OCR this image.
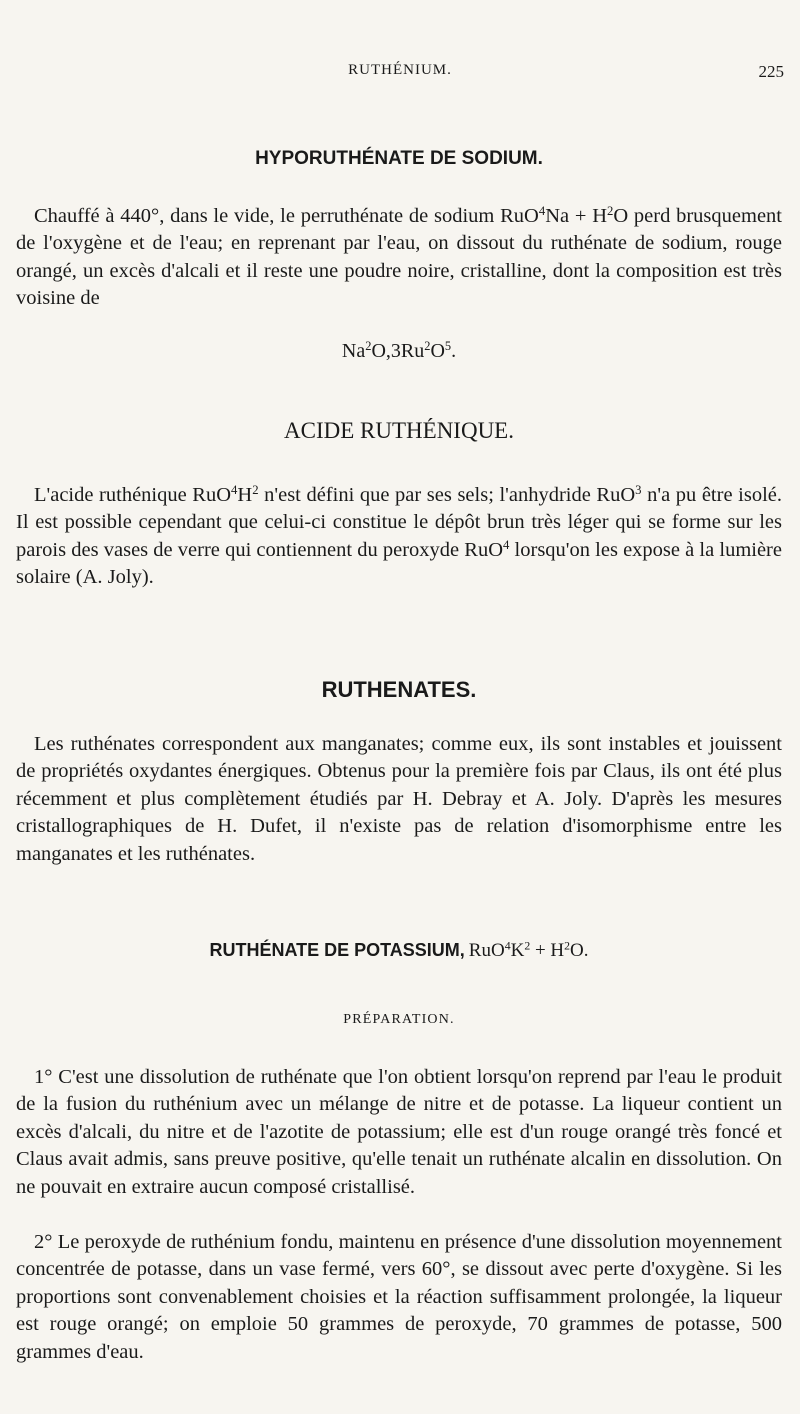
RUTHÉNIUM.	225
HYPORUTHÉNATE DE SODIUM.

Chauffé à 440°, dans le vide, le perruthénate de sodium $RuO^4Na + H^2O$ perd brusquement de l'oxygène et de l'eau; en reprenant par l'eau, on dissout du ruthénate de sodium, rouge orangé, un excès d'alcali et il reste une poudre noire, cristalline, dont la composition est très voisine de

$Na^2O,3Ru^2O^5$.
ACIDE RUTHÉNIQUE.

L'acide ruthénique $RuO^4H^2$ n'est défini que par ses sels; l'anhydride RuO$^3$ n'a pu être isolé. Il est possible cependant que celui-ci constitue le dépôt brun très léger qui se forme sur les parois des vases de verre qui contiennent du peroxyde RuO$^4$ lorsqu'on les expose à la lumière solaire (A. Joly).

RUTHENATES.

Les ruthénates correspondent aux manganates; comme eux, ils sont instables et jouissent de propriétés oxydantes énergiques. Obtenus pour la première fois par Claus, ils ont été plus récemment et plus complètement étudiés par H. Debray et A. Joly. D'après les mesures cristallographiques de H. Dufet, il n'existe pas de relation d'isomorphisme entre les manganates et les ruthénates.

RUTHÉNATE DE POTASSIUM, $RuO^4K^2 + H^2O$.
PRÉPARATION.

1° C'est une dissolution de ruthénate que l'on obtient lorsqu'on reprend par l'eau le produit de la fusion du ruthénium avec un mélange de nitre et de potasse. La liqueur contient un excès d'alcali, du nitre et de l'azotite de potassium; elle est d'un rouge orangé très foncé et Claus avait admis, sans preuve positive, qu'elle tenait un ruthénate alcalin en dissolution. On ne pouvait en extraire aucun composé cristallisé.

2° Le peroxyde de ruthénium fondu, maintenu en présence d'une dissolution moyennement concentrée de potasse, dans un vase fermé, vers 60°, se dissout avec perte d'oxygène. Si les proportions sont convenablement choisies et la réaction suffisamment prolongée, la liqueur est rouge orangé; on emploie 50 grammes de peroxyde, 70 grammes de potasse, 500 grammes d'eau.
